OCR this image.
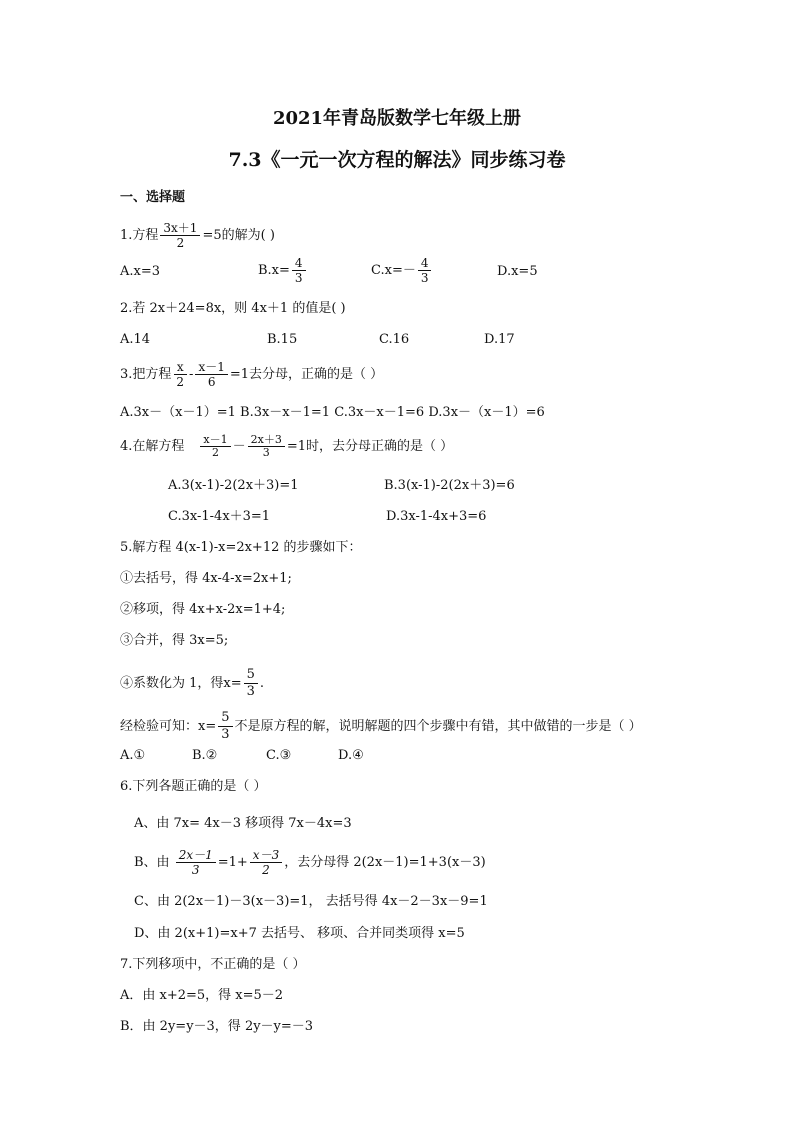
2021年青岛版数学七年级上册
7.3《一元一次方程的解法》同步练习卷
一、选择题
1.方程 $\frac{3x+1}{2} =5$的解为( )
A.x=3	$B.x= \frac{4}{3}$	$C.x=- \frac{4}{3}$	D.x=5
2.若 2x＋24=8x，则 4x＋1 的值是( )
A.14	B.15	C.16	D.17
3.把方程 $\frac{x}{2} - \frac{x-1}{6} =1$去分母，正确的是（ ）
A.3x－（x－1）=1 B.3x－x－1=1 C.3x－x－1=6 D.3x－（x－1）=6
4.在解方程 $\frac{x-1}{2} - \frac{2x+3}{3} =1$时，去分母正确的是（ ）
A.3(x-1)-2(2x＋3)=1	B.3(x-1)-2(2x＋3)=6
C.3x-1-4x＋3=1	D.3x-1-4x+3=6
5.解方程 4(x-1)-x=2x+12 的步骤如下：
①去括号，得 4x-4-x=2x+1;
②移项，得 4x+x-2x=1+4;
③合并，得 3x=5;
④系数化为 1，得$x= \frac{5}{3}$ .
经检验可知：$x= \frac{5}{3}$ 不是原方程的解，说明解题的四个步骤中有错，其中做错的一步是（ ）
A.①	B.②	C.③	D.④
6.下列各题正确的是（ ）
A、由 7x= 4x－3 移项得 7x－4x=3
B、由 $\frac{2x-1}{3} =1+ \frac{x-3}{2}$ ，去分母得 2(2x－1)=1+3(x－3)
C、由 2(2x－1)－3(x－3)=1， 去括号得 4x－2－3x－9=1
D、由 2(x+1)=x+7 去括号、 移项、合并同类项得 x=5
7.下列移项中，不正确的是（ ）
A．由 x+2=5，得 x=5－2
B．由 2y=y－3，得 2y－y=－3
